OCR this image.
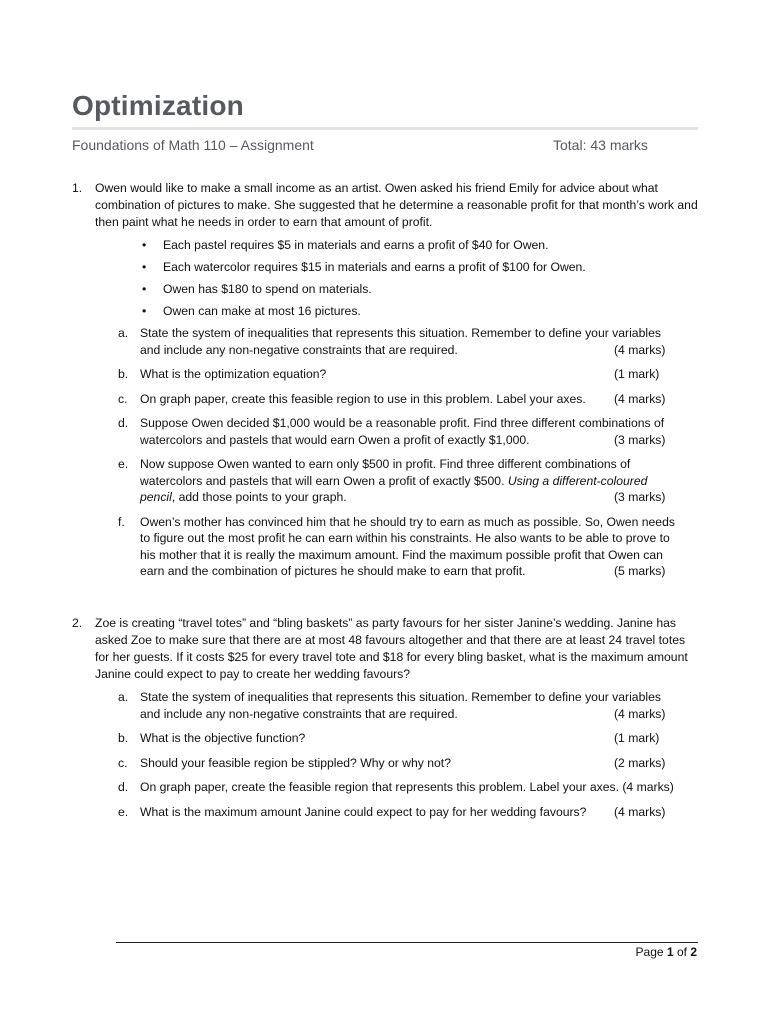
Optimization
Foundations of Math 110 – Assignment	Total: 43 marks
1. Owen would like to make a small income as an artist. Owen asked his friend Emily for advice about what combination of pictures to make. She suggested that he determine a reasonable profit for that month’s work and then paint what he needs in order to earn that amount of profit.
• Each pastel requires $5 in materials and earns a profit of $40 for Owen.
• Each watercolor requires $15 in materials and earns a profit of $100 for Owen.
• Owen has $180 to spend on materials.
• Owen can make at most 16 pictures.
a. State the system of inequalities that represents this situation. Remember to define your variables
and include any non-negative constraints that are required.	(4 marks)
b. What is the optimization equation?	(1 mark)
c. On graph paper, create this feasible region to use in this problem. Label your axes. (4 marks)
d. Suppose Owen decided $1,000 would be a reasonable profit. Find three different combinations of
watercolors and pastels that would earn Owen a profit of exactly $1,000.	(3 marks)
e. Now suppose Owen wanted to earn only $500 in profit. Find three different combinations of
watercolors and pastels that will earn Owen a profit of exactly $500. Using a different-coloured
pencil, add those points to your graph.	(3 marks)
f. Owen’s mother has convinced him that he should try to earn as much as possible. So, Owen needs
to figure out the most profit he can earn within his constraints. He also wants to be able to prove to
his mother that it is really the maximum amount. Find the maximum possible profit that Owen can
earn and the combination of pictures he should make to earn that profit.	(5 marks)
2. Zoe is creating “travel totes” and “bling baskets” as party favours for her sister Janine’s wedding. Janine has asked Zoe to make sure that there are at most 48 favours altogether and that there are at least 24 travel totes for her guests. If it costs $25 for every travel tote and $18 for every bling basket, what is the maximum amount Janine could expect to pay to create her wedding favours?
a. State the system of inequalities that represents this situation. Remember to define your variables
and include any non-negative constraints that are required.	(4 marks)
b. What is the objective function?	(1 mark)
c. Should your feasible region be stippled? Why or why not?	(2 marks)
d. On graph paper, create the feasible region that represents this problem. Label your axes. (4 marks)
e. What is the maximum amount Janine could expect to pay for her wedding favours? (4 marks)
Page 1 of 2
